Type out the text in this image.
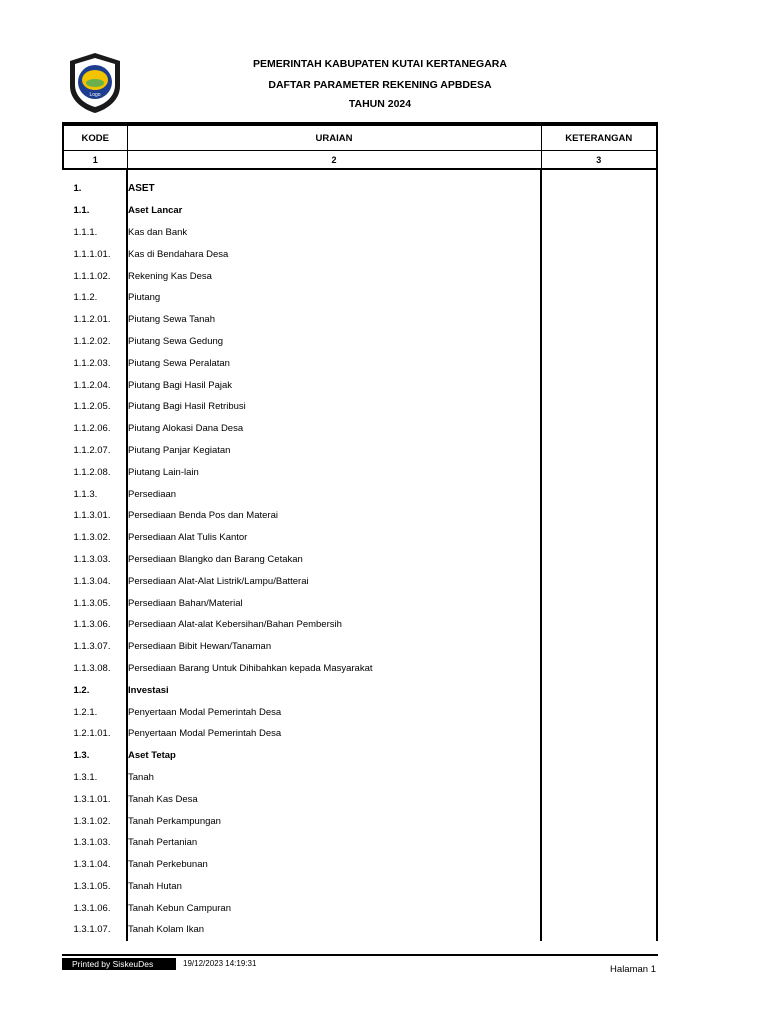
Logo
PEMERINTAH KABUPATEN KUTAI KERTANEGARA
DAFTAR PARAMETER REKENING APBDESA
TAHUN 2024
KODE	URAIAN	KETERANGAN
1	2	3

1.	ASET	
1.1.	Aset Lancar	
1.1.1.	Kas dan Bank	
1.1.1.01.	Kas di Bendahara Desa	
1.1.1.02.	Rekening Kas Desa	
1.1.2.	Piutang	
1.1.2.01.	Piutang Sewa Tanah	
1.1.2.02.	Piutang Sewa Gedung	
1.1.2.03.	Piutang Sewa Peralatan	
1.1.2.04.	Piutang Bagi Hasil Pajak	
1.1.2.05.	Piutang Bagi Hasil Retribusi	
1.1.2.06.	Piutang Alokasi Dana Desa	
1.1.2.07.	Piutang Panjar Kegiatan	
1.1.2.08.	Piutang Lain-lain	
1.1.3.	Persediaan	
1.1.3.01.	Persediaan Benda Pos dan Materai	
1.1.3.02.	Persediaan Alat Tulis Kantor	
1.1.3.03.	Persediaan Blangko dan Barang Cetakan	
1.1.3.04.	Persediaan Alat-Alat Listrik/Lampu/Batterai	
1.1.3.05.	Persediaan Bahan/Material	
1.1.3.06.	Persediaan Alat-alat Kebersihan/Bahan Pembersih	
1.1.3.07.	Persediaan Bibit Hewan/Tanaman	
1.1.3.08.	Persediaan Barang Untuk Dihibahkan kepada Masyarakat	
1.2.	Investasi	
1.2.1.	Penyertaan Modal Pemerintah Desa	
1.2.1.01.	Penyertaan Modal Pemerintah Desa	
1.3.	Aset Tetap	
1.3.1.	Tanah	
1.3.1.01.	Tanah Kas Desa	
1.3.1.02.	Tanah Perkampungan	
1.3.1.03.	Tanah Pertanian	
1.3.1.04.	Tanah Perkebunan	
1.3.1.05.	Tanah Hutan	
1.3.1.06.	Tanah Kebun Campuran	
1.3.1.07.	Tanah Kolam Ikan	
Printed by SiskeuDes	19/12/2023 14:19:31
Halaman 1
